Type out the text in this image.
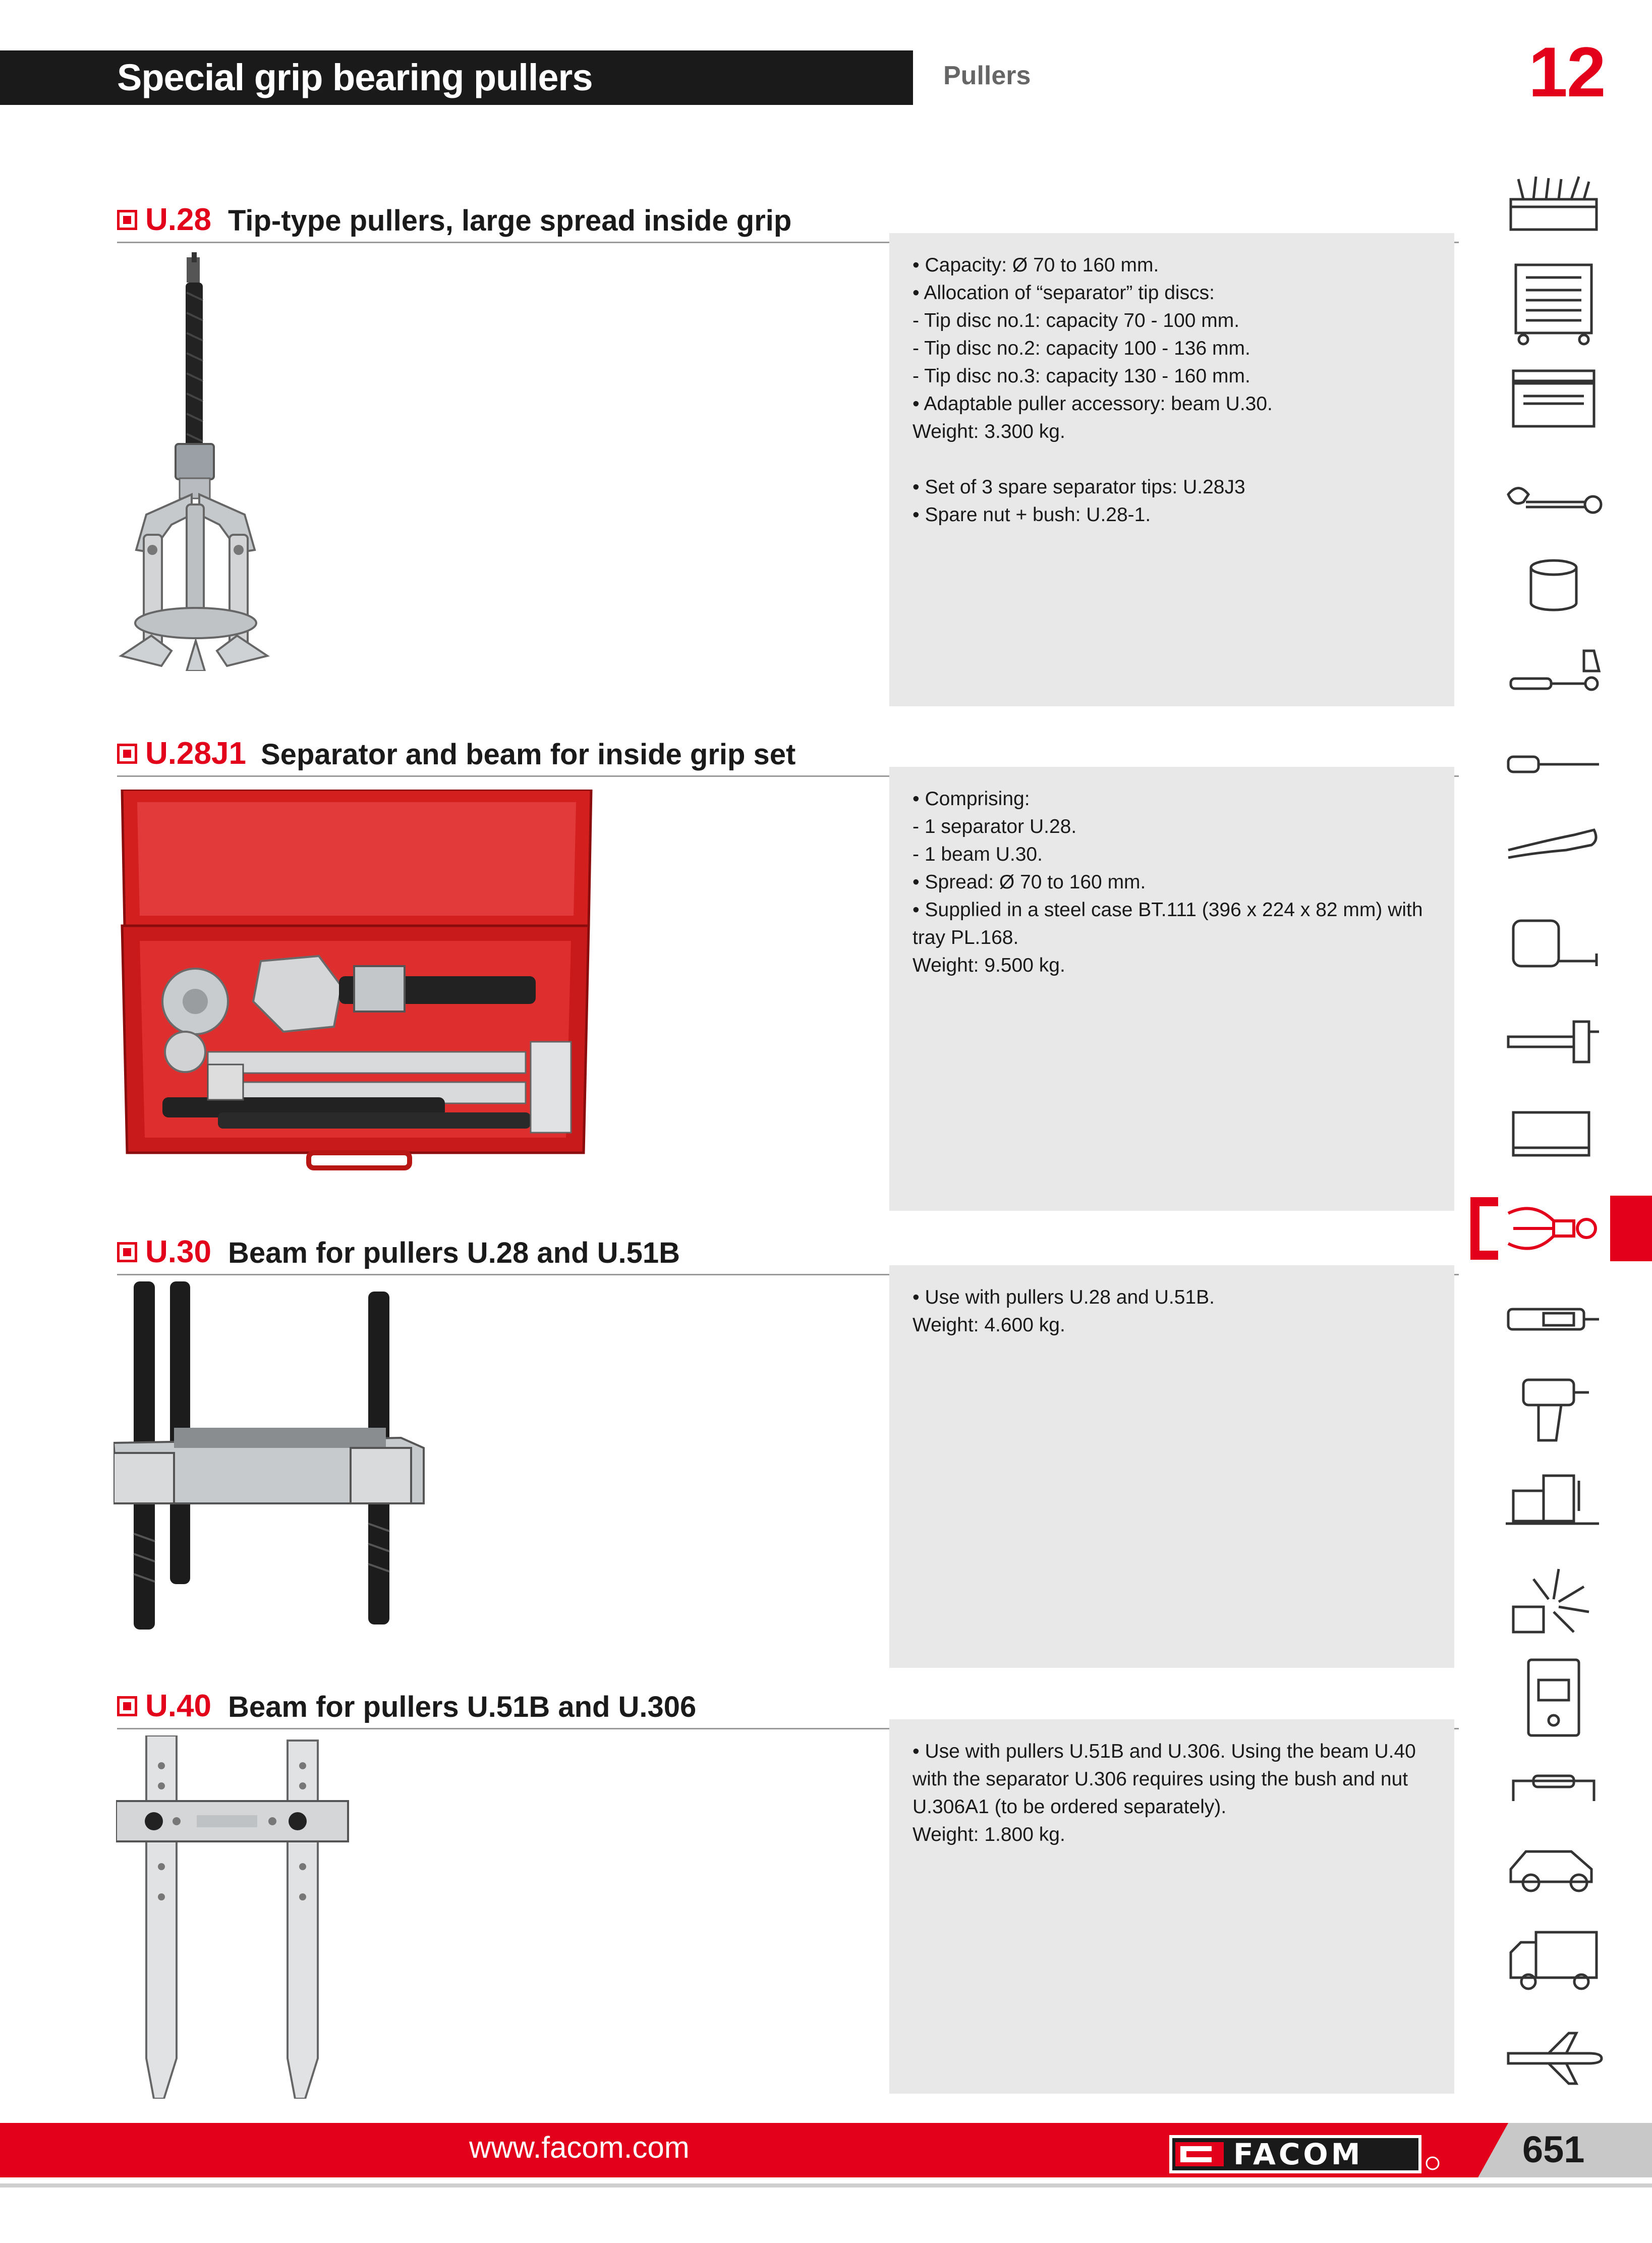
Special grip bearing pullers	Pullers	12
U.28 Tip-type pullers, large spread inside grip
• Capacity: Ø 70 to 160 mm.
• Allocation of “separator” tip discs:
- Tip disc no.1: capacity 70 - 100 mm.
- Tip disc no.2: capacity 100 - 136 mm.
- Tip disc no.3: capacity 130 - 160 mm.
• Adaptable puller accessory: beam U.30.
Weight: 3.300 kg.
• Set of 3 spare separator tips: U.28J3
• Spare nut + bush: U.28-1.
U.28J1 Separator and beam for inside grip set
• Comprising:
- 1 separator U.28.
- 1 beam U.30.
• Spread: Ø 70 to 160 mm.
• Supplied in a steel case BT.111 (396 x 224 x 82 mm) with
tray PL.168.
Weight: 9.500 kg.
U.30 Beam for pullers U.28 and U.51B
• Use with pullers U.28 and U.51B.
Weight: 4.600 kg.
U.40 Beam for pullers U.51B and U.306
• Use with pullers U.51B and U.306. Using the beam U.40
with the separator U.306 requires using the bush and nut
U.306A1 (to be ordered separately).
Weight: 1.800 kg.
www.facom.com	FACOM	651
